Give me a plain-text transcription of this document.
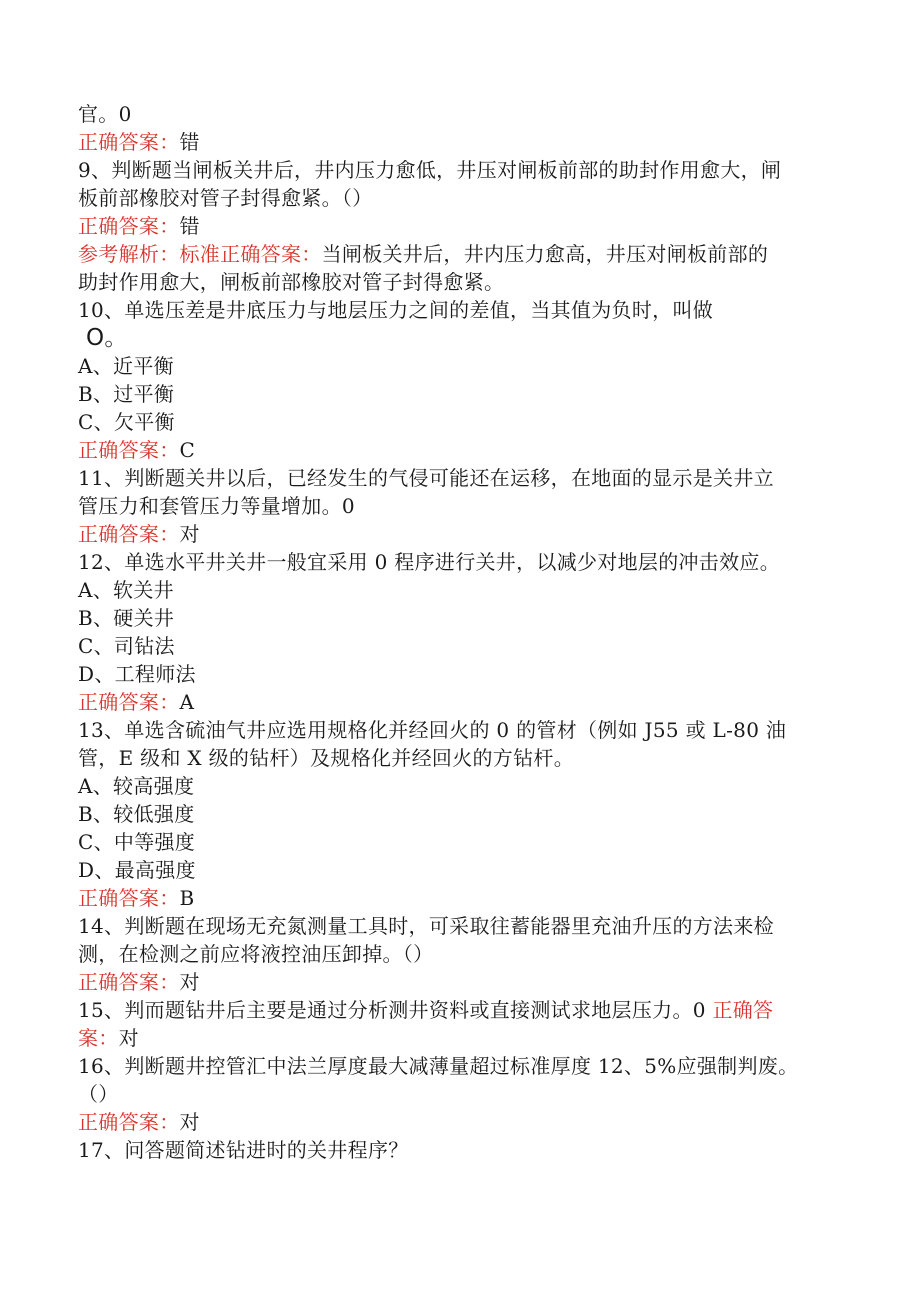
官。0
正确答案：错
9、判断题当闸板关井后，井内压力愈低，井压对闸板前部的助封作用愈大，闸
板前部橡胶对管子封得愈紧。（）
正确答案：错
参考解析：标准正确答案：当闸板关井后，井内压力愈高，井压对闸板前部的
助封作用愈大，闸板前部橡胶对管子封得愈紧。
10、单选压差是井底压力与地层压力之间的差值，当其值为负时，叫做
O。
A、近平衡
B、过平衡
C、欠平衡
正确答案：C
11、判断题关井以后，已经发生的气侵可能还在运移，在地面的显示是关井立
管压力和套管压力等量增加。0
正确答案：对
12、单选水平井关井一般宜采用 0 程序进行关井，以减少对地层的冲击效应。
A、软关井
B、硬关井
C、司钻法
D、工程师法
正确答案：A
13、单选含硫油气井应选用规格化并经回火的 0 的管材（例如 J55 或 L-80 油
管，E 级和 X 级的钻杆）及规格化并经回火的方钻杆。
A、较高强度
B、较低强度
C、中等强度
D、最高强度
正确答案：B
14、判断题在现场无充氮测量工具时，可采取往蓄能器里充油升压的方法来检
测，在检测之前应将液控油压卸掉。（）
正确答案：对
15、判而题钻井后主要是通过分析测井资料或直接测试求地层压力。0 正确答
案：对
16、判断题井控管汇中法兰厚度最大减薄量超过标准厚度 12、5%应强制判废。
（）
正确答案：对
17、问答题简述钻进时的关井程序？
